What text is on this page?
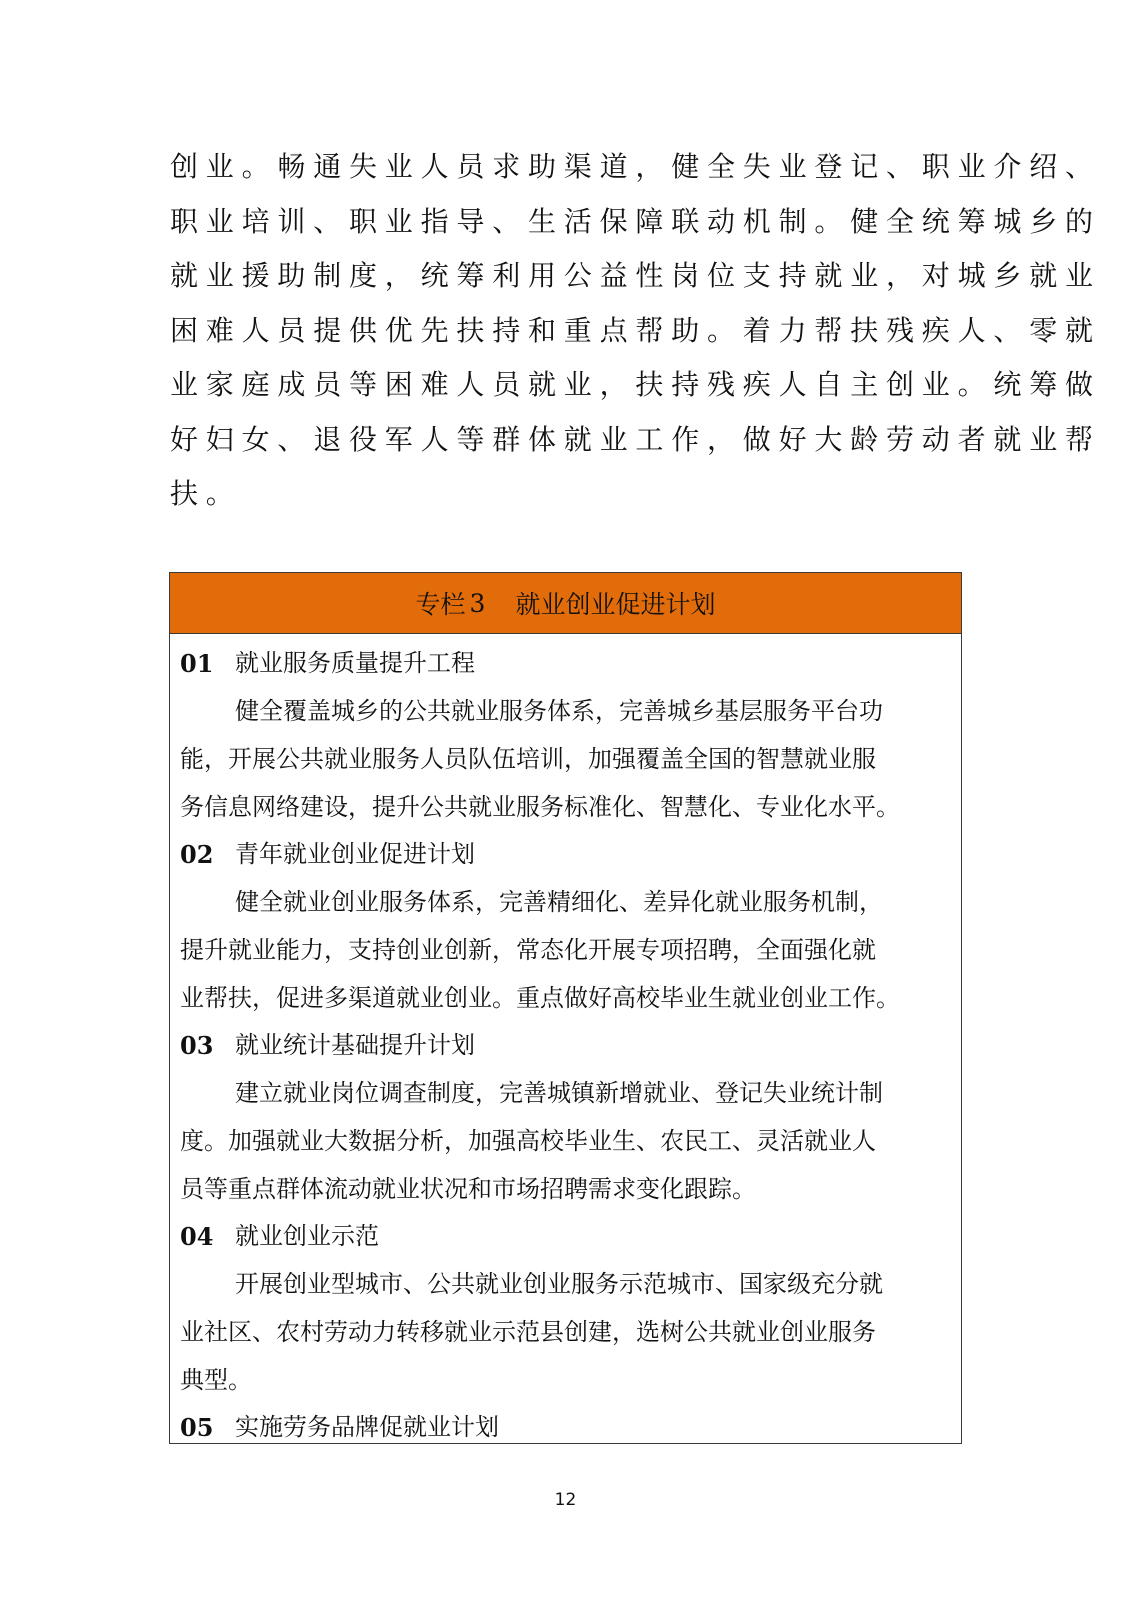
创业。畅通失业人员求助渠道，健全失业登记、职业介绍、
职业培训、职业指导、生活保障联动机制。健全统筹城乡的
就业援助制度，统筹利用公益性岗位支持就业，对城乡就业
困难人员提供优先扶持和重点帮助。着力帮扶残疾人、零就
业家庭成员等困难人员就业，扶持残疾人自主创业。统筹做
好妇女、退役军人等群体就业工作，做好大龄劳动者就业帮
扶。
专栏 3 就业创业促进计划
01 就业服务质量提升工程
健全覆盖城乡的公共就业服务体系，完善城乡基层服务平台功
能，开展公共就业服务人员队伍培训，加强覆盖全国的智慧就业服
务信息网络建设，提升公共就业服务标准化、智慧化、专业化水平。
02 青年就业创业促进计划
健全就业创业服务体系，完善精细化、差异化就业服务机制，
提升就业能力，支持创业创新，常态化开展专项招聘，全面强化就
业帮扶，促进多渠道就业创业。重点做好高校毕业生就业创业工作。
03 就业统计基础提升计划
建立就业岗位调查制度，完善城镇新增就业、登记失业统计制
度。加强就业大数据分析，加强高校毕业生、农民工、灵活就业人
员等重点群体流动就业状况和市场招聘需求变化跟踪。
04 就业创业示范
开展创业型城市、公共就业创业服务示范城市、国家级充分就
业社区、农村劳动力转移就业示范县创建，选树公共就业创业服务
典型。
05 实施劳务品牌促就业计划
12
